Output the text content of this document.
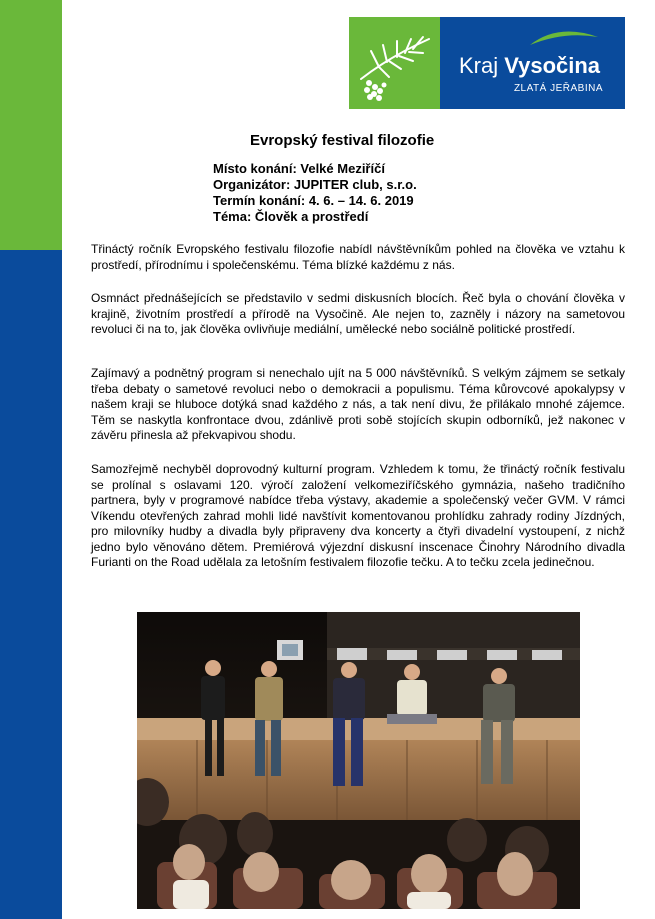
Kraj Vysočina
ZLATÁ JEŘABINA
Evropský festival filozofie
Místo konání: Velké Meziříčí
Organizátor: JUPITER club, s.r.o.
Termín konání: 4. 6. – 14. 6. 2019
Téma: Člověk a prostředí
Třináctý ročník Evropského festivalu filozofie nabídl návštěvníkům pohled na člověka ve vztahu k prostředí, přírodnímu i společenskému. Téma blízké každému z nás.
Osmnáct přednášejících se představilo v sedmi diskusních blocích. Řeč byla o chování člověka v krajině, životním prostředí a přírodě na Vysočině. Ale nejen to, zazněly i názory na sametovou revoluci či na to, jak člověka ovlivňuje mediální, umělecké nebo sociálně politické prostředí.
Zajímavý a podnětný program si nenechalo ujít na 5 000 návštěvníků. S velkým zájmem se setkaly třeba debaty o sametové revoluci nebo o demokracii a populismu. Téma kůrovcové apokalypsy v našem kraji se hluboce dotýká snad každého z nás, a tak není divu, že přilákalo mnohé zájemce. Těm se naskytla konfrontace dvou, zdánlivě proti sobě stojících skupin odborníků, jež nakonec v závěru přinesla až překvapivou shodu.
Samozřejmě nechyběl doprovodný kulturní program. Vzhledem k tomu, že třináctý ročník festivalu se prolínal s oslavami 120. výročí založení velkomeziříčského gymnázia, našeho tradičního partnera, byly v programové nabídce třeba výstavy, akademie a společenský večer GVM. V rámci Víkendu otevřených zahrad mohli lidé navštívit komentovanou prohlídku zahrady rodiny Jízdných, pro milovníky hudby a divadla byly připraveny dva koncerty a čtyři divadelní vystoupení, z nichž jedno bylo věnováno dětem. Premiérová výjezdní diskusní inscenace Činohry Národního divadla Furianti on the Road udělala za letošním festivalem filozofie tečku. A to tečku zcela jedinečnou.
